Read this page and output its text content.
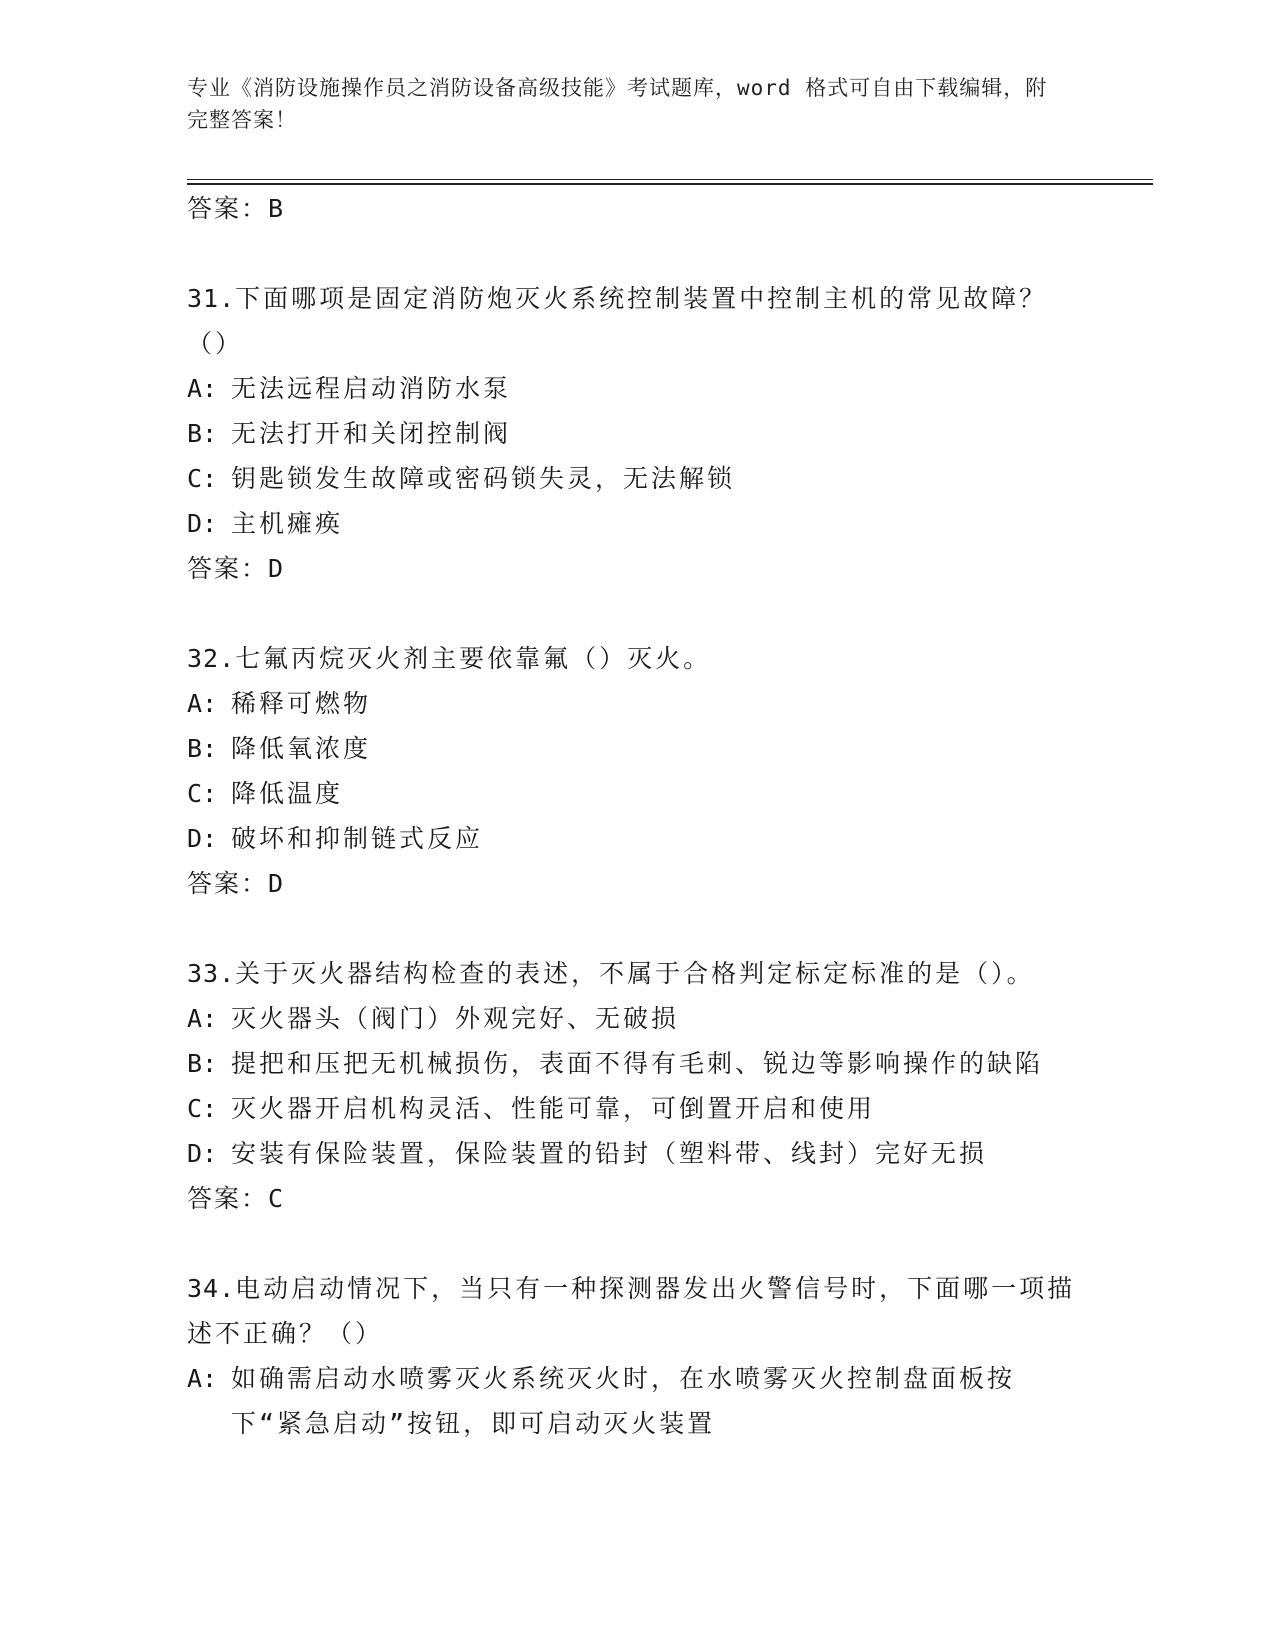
专业《消防设施操作员之消防设备高级技能》考试题库，word 格式可自由下载编辑，附完整答案！

答案：B

31.下面哪项是固定消防炮灭火系统控制装置中控制主机的常见故障？（）

A: 无法远程启动消防水泵
B: 无法打开和关闭控制阀
C: 钥匙锁发生故障或密码锁失灵，无法解锁
D: 主机瘫痪

答案：D

32.七氟丙烷灭火剂主要依靠氟（）灭火。

A: 稀释可燃物
B: 降低氧浓度
C: 降低温度
D: 破坏和抑制链式反应

答案：D

33.关于灭火器结构检查的表述，不属于合格判定标定标准的是（）。

A: 灭火器头（阀门）外观完好、无破损
B: 提把和压把无机械损伤，表面不得有毛刺、锐边等影响操作的缺陷
C: 灭火器开启机构灵活、性能可靠，可倒置开启和使用
D: 安装有保险装置，保险装置的铅封（塑料带、线封）完好无损

答案：C

34.电动启动情况下，当只有一种探测器发出火警信号时，下面哪一项描述不正确？（）

A: 如确需启动水喷雾灭火系统灭火时，在水喷雾灭火控制盘面板按下“紧急启动”按钮，即可启动灭火装置
